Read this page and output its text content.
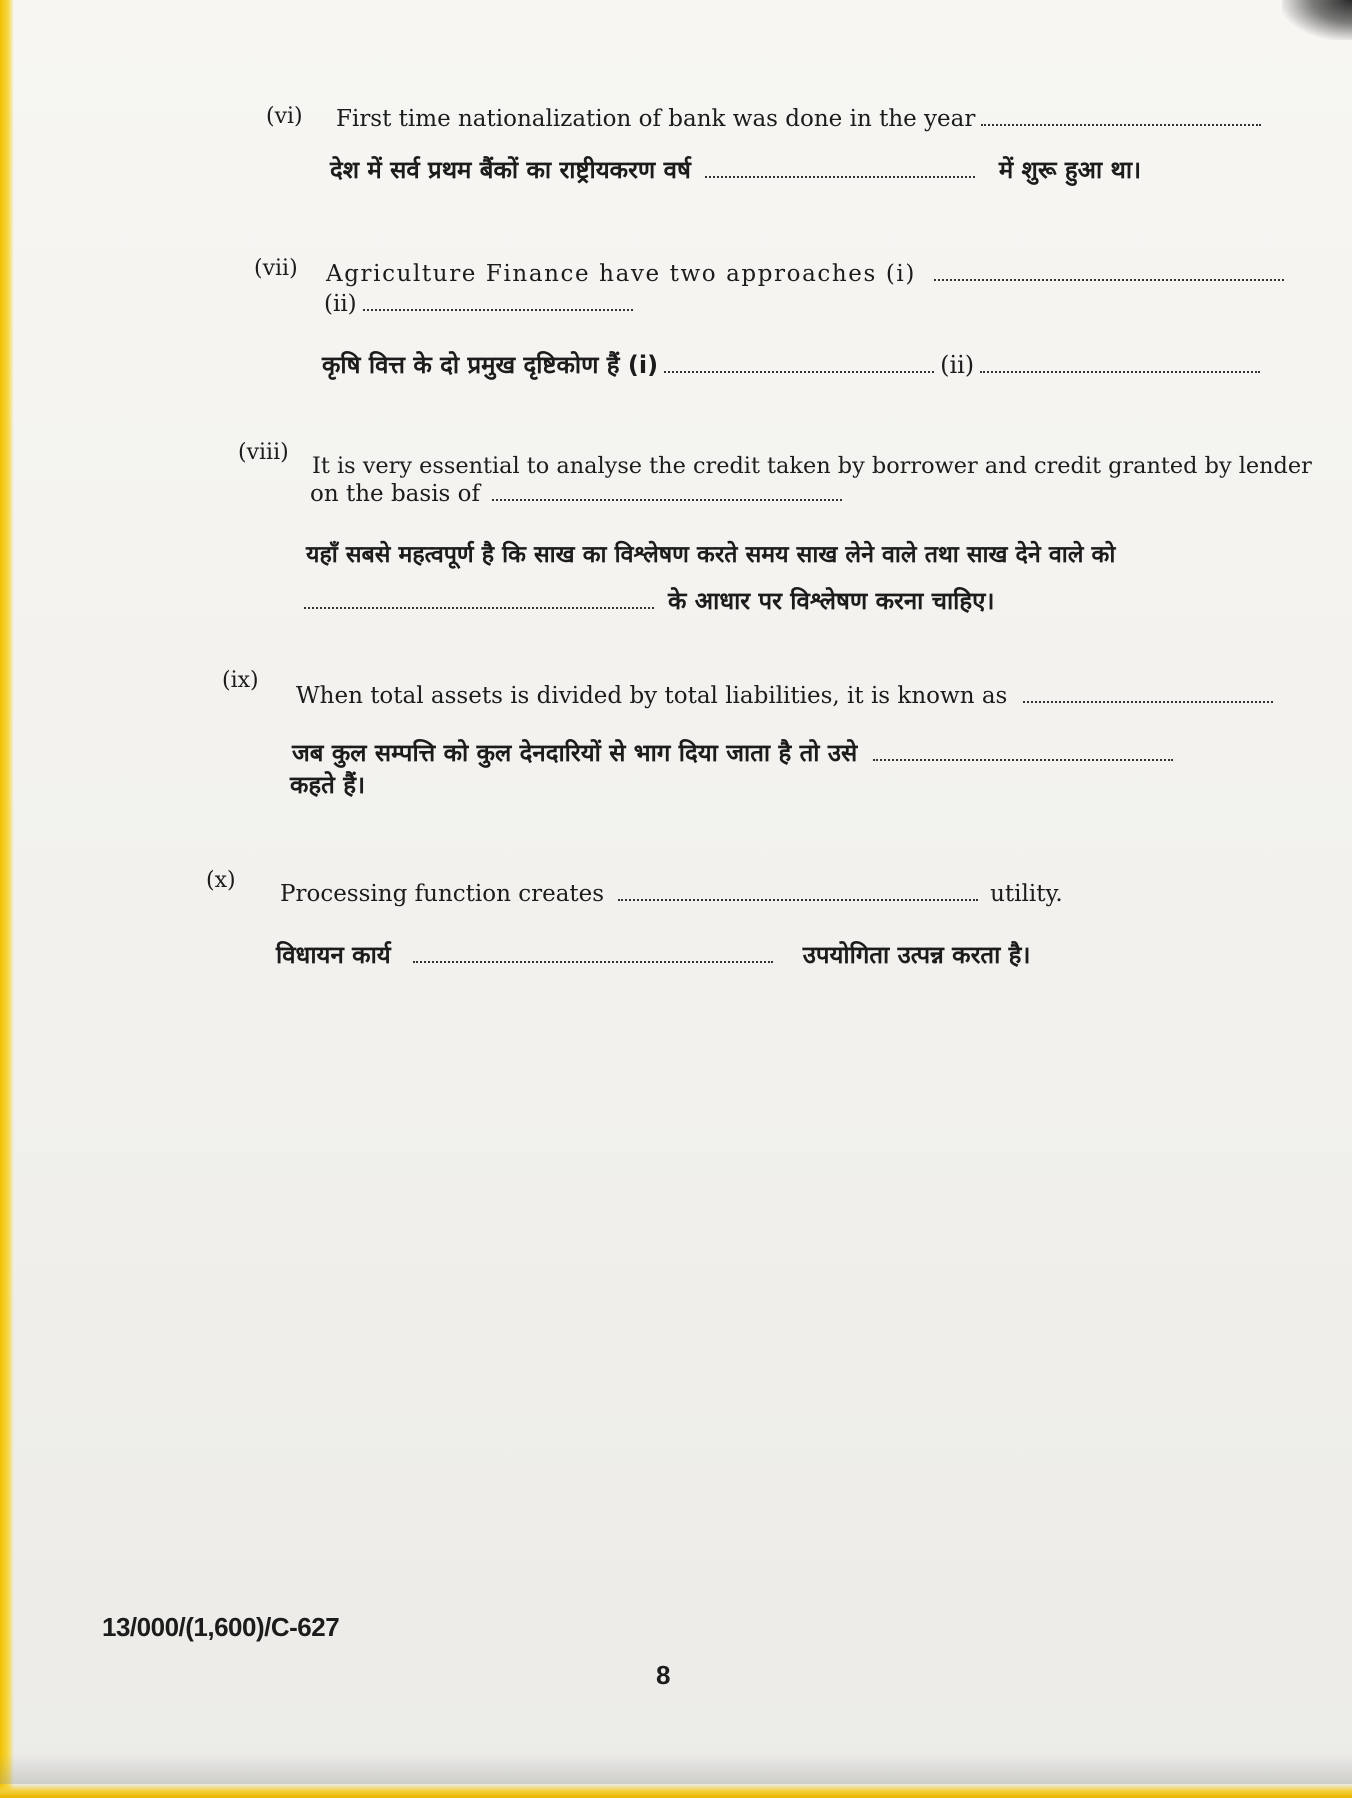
(vi) First time nationalization of bank was done in the year
देश में सर्व प्रथम बैंकों का राष्ट्रीयकरण वर्ष	में शुरू हुआ था।
(vii) Agriculture Finance have two approaches (i)
(ii)
कृषि वित्त के दो प्रमुख दृष्टिकोण हैं (i)	(ii)
(viii)
It is very essential to analyse the credit taken by borrower and credit granted by lender
on the basis of
यहाँ सबसे महत्वपूर्ण है कि साख का विश्लेषण करते समय साख लेने वाले तथा साख देने वाले को
के आधार पर विश्लेषण करना चाहिए।
(ix)
When total assets is divided by total liabilities, it is known as
जब कुल सम्पत्ति को कुल देनदारियों से भाग दिया जाता है तो उसे
कहते हैं।
(x)
Processing function creates	utility.
विधायन कार्य	उपयोगिता उत्पन्न करता है।
13/000/(1,600)/C-627
8
